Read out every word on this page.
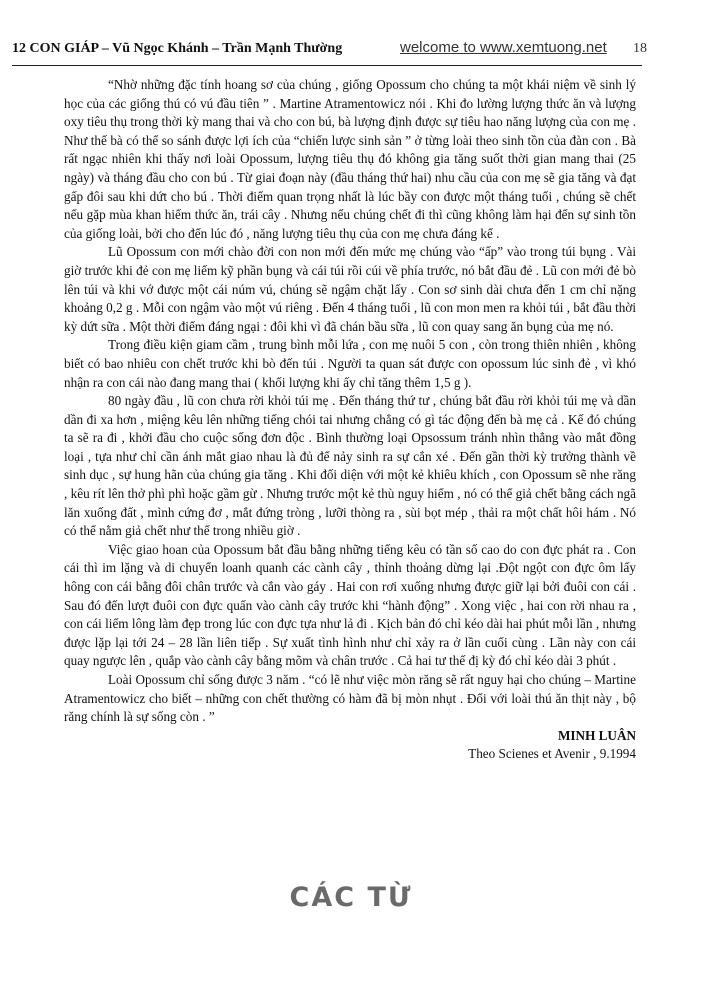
12 CON GIÁP – Vũ Ngọc Khánh – Trần Mạnh Thường	welcome to www.xemtuong.net 18

“Nhờ những đặc tính hoang sơ của chúng , giống Opossum cho chúng ta một khái niệm về sinh lý học của các giống thú có vú đầu tiên ” . Martine Atramentowicz nói . Khi đo lường lượng thức ăn và lượng oxy tiêu thụ trong thời kỳ mang thai và cho con bú, bà lượng định được sự tiêu hao năng lượng của con mẹ . Như thế bà có thể so sánh được lợi ích của “chiến lược sinh sản ” ở từng loài theo sinh tồn của đàn con . Bà rất ngạc nhiên khi thấy nơi loài Opossum, lượng tiêu thụ đó không gia tăng suốt thời gian mang thai (25 ngày) và tháng đầu cho con bú . Từ giai đoạn này (đầu tháng thứ hai) nhu cầu của con mẹ sẽ gia tăng và đạt gấp đôi sau khi dứt cho bú . Thời điểm quan trọng nhất là lúc bầy con được một tháng tuổi , chúng sẽ chết nếu gặp mùa khan hiếm thức ăn, trái cây . Nhưng nếu chúng chết đi thì cũng không làm hại đến sự sinh tồn của giống loài, bởi cho đến lúc đó , năng lượng tiêu thụ của con mẹ chưa đáng kể .

Lũ Opossum con mới chào đời con non mới đến mức mẹ chúng vào “ấp” vào trong túi bụng . Vài giờ trước khi đẻ con mẹ liếm kỹ phần bụng và cái túi rồi cúi về phía trước, nó bắt đầu đẻ . Lũ con mới đẻ bò lên túi và khi vớ được một cái núm vú, chúng sẽ ngậm chặt lấy . Con sơ sinh dài chưa đến 1 cm chỉ nặng khoảng 0,2 g . Mỗi con ngậm vào một vú riêng . Đến 4 tháng tuổi , lũ con mon men ra khỏi túi , bắt đầu thời kỳ dứt sữa . Một thời điểm đáng ngại : đôi khi vì đã chán bầu sữa , lũ con quay sang ăn bụng của mẹ nó.

Trong điều kiện giam cầm , trung bình mỗi lứa , con mẹ nuôi 5 con , còn trong thiên nhiên , không biết có bao nhiêu con chết trước khi bò đến túi . Người ta quan sát được con opossum lúc sinh đẻ , vì khó nhận ra con cái nào đang mang thai ( khối lượng khi ấy chỉ tăng thêm 1,5 g ).

80 ngày đầu , lũ con chưa rời khỏi túi mẹ . Đến tháng thứ tư , chúng bắt đầu rời khỏi túi mẹ và dần dần đi xa hơn , miệng kêu lên những tiếng chói tai nhưng chẳng có gì tác động đến bà mẹ cả . Kế đó chúng ta sẽ ra đi , khởi đầu cho cuộc sống đơn độc . Bình thường loại Opsossum tránh nhìn thẳng vào mắt đồng loại , tựa như chỉ cần ánh mắt giao nhau là đủ để nảy sinh ra sự cắn xé . Đến gần thời kỳ trưởng thành về sinh dục , sự hung hãn của chúng gia tăng . Khi đối diện với một kẻ khiêu khích , con Opossum sẽ nhe răng , kêu rít lên thở phì phì hoặc gầm gừ . Nhưng trước một kẻ thù nguy hiểm , nó có thể giả chết bằng cách ngã lăn xuống đất , mình cứng đơ , mắt đứng tròng , lưỡi thòng ra , sùi bọt mép , thải ra một chất hôi hám . Nó có thể nằm giả chết như thế trong nhiều giờ .

Việc giao hoan của Opossum bắt đầu bằng những tiếng kêu có tần số cao do con đực phát ra . Con cái thì im lặng và di chuyển loanh quanh các cành cây , thỉnh thoảng dừng lại .Đột ngột con đực ôm lấy hông con cái bằng đôi chân trước và cắn vào gáy . Hai con rơi xuống nhưng được giữ lại bởi đuôi con cái . Sau đó đến lượt đuôi con đực quấn vào cành cây trước khi “hành động” . Xong việc , hai con rời nhau ra , con cái liếm lông làm đẹp trong lúc con đực tựa như lả đi . Kịch bản đó chỉ kéo dài hai phút mỗi lần , nhưng được lặp lại tới 24 – 28 lần liên tiếp . Sự xuất tình hình như chỉ xảy ra ở lần cuối cùng . Lần này con cái quay ngược lên , quắp vào cành cây bằng mõm và chân trước . Cả hai tư thế đị kỳ đó chỉ kéo dài 3 phút .

Loài Opossum chỉ sống được 3 năm . “có lẽ như việc mòn răng sẽ rất nguy hại cho chúng – Martine Atramentowicz cho biết – những con chết thường có hàm đã bị mòn nhụt . Đối với loài thú ăn thịt này , bộ răng chính là sự sống còn . ”

MINH LUÂN
Theo Scienes et Avenir , 9.1994
CÁC TỪ
